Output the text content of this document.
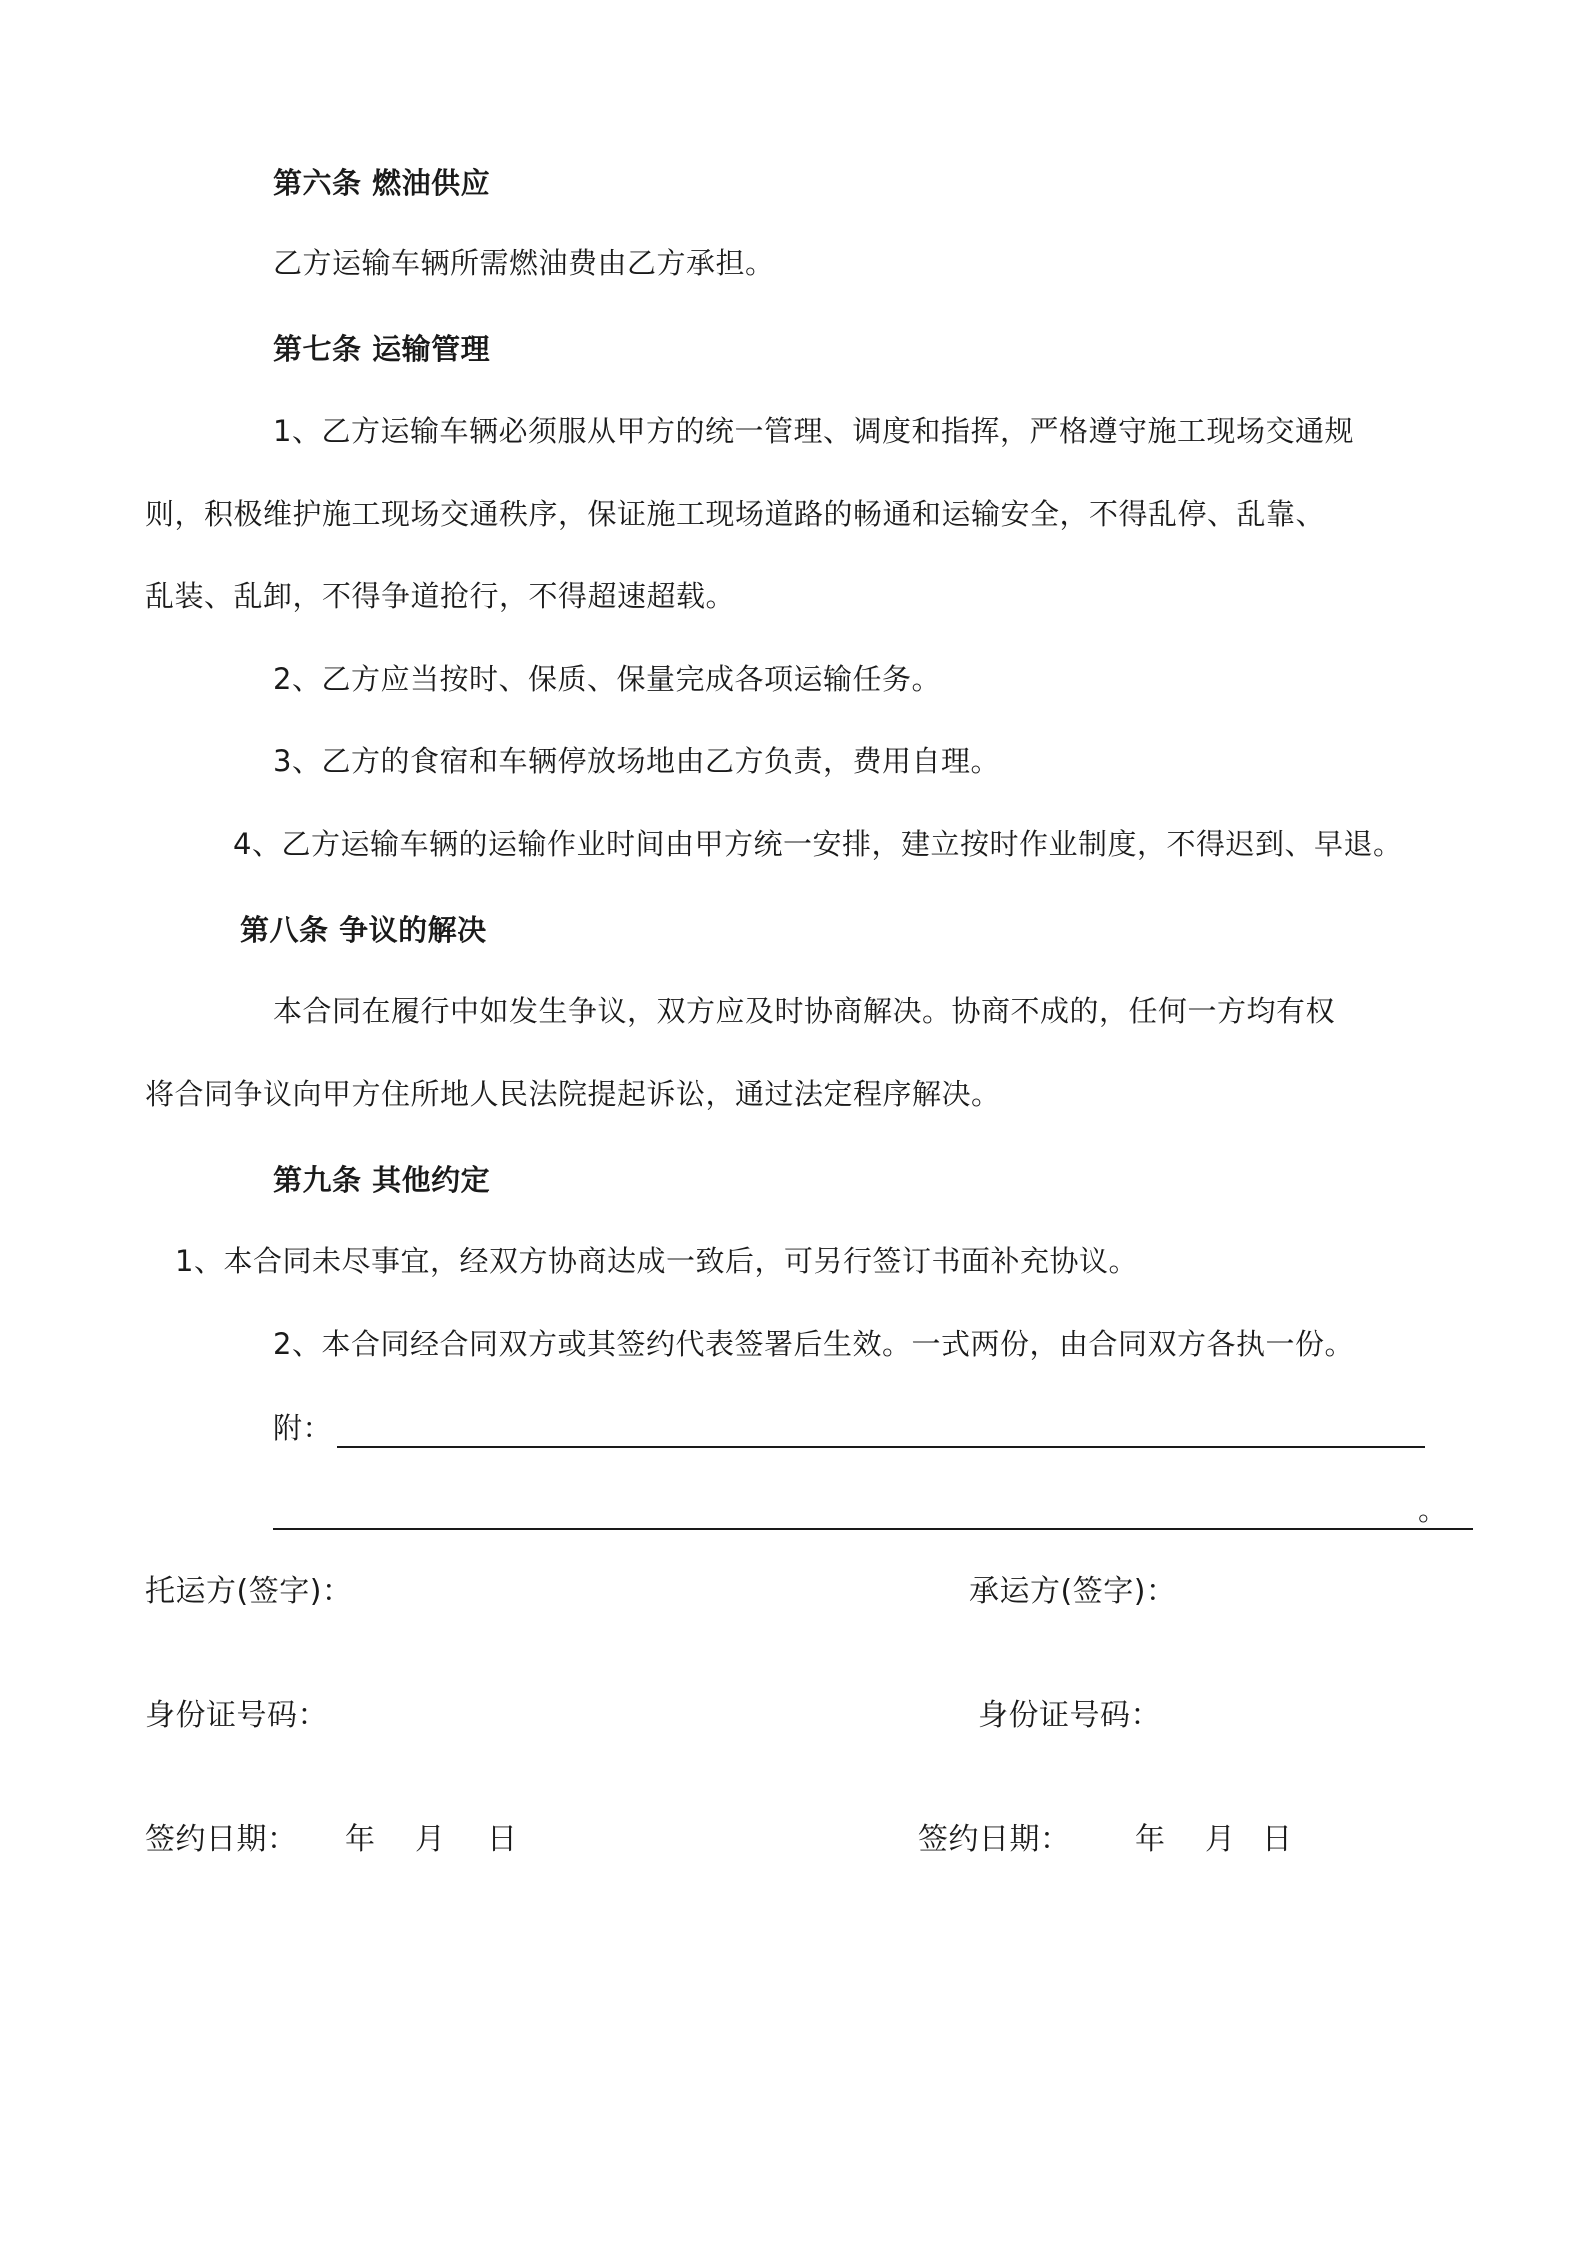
第六条 燃油供应
乙方运输车辆所需燃油费由乙方承担。
第七条 运输管理
1、乙方运输车辆必须服从甲方的统一管理、调度和指挥，严格遵守施工现场交通规
则，积极维护施工现场交通秩序，保证施工现场道路的畅通和运输安全，不得乱停、乱靠、
乱装、乱卸，不得争道抢行，不得超速超载。
2、乙方应当按时、保质、保量完成各项运输任务。
3、乙方的食宿和车辆停放场地由乙方负责，费用自理。
4、乙方运输车辆的运输作业时间由甲方统一安排，建立按时作业制度，不得迟到、早退。
第八条 争议的解决
本合同在履行中如发生争议，双方应及时协商解决。协商不成的，任何一方均有权
将合同争议向甲方住所地人民法院提起诉讼，通过法定程序解决。
第九条 其他约定
1、本合同未尽事宜，经双方协商达成一致后，可另行签订书面补充协议。
2、本合同经合同双方或其签约代表签署后生效。一式两份，由合同双方各执一份。
附：
。
托运方(签字)：
身份证号码：
签约日期： 年 月 日
承运方(签字)：
身份证号码：
签约日期： 年 月 日
